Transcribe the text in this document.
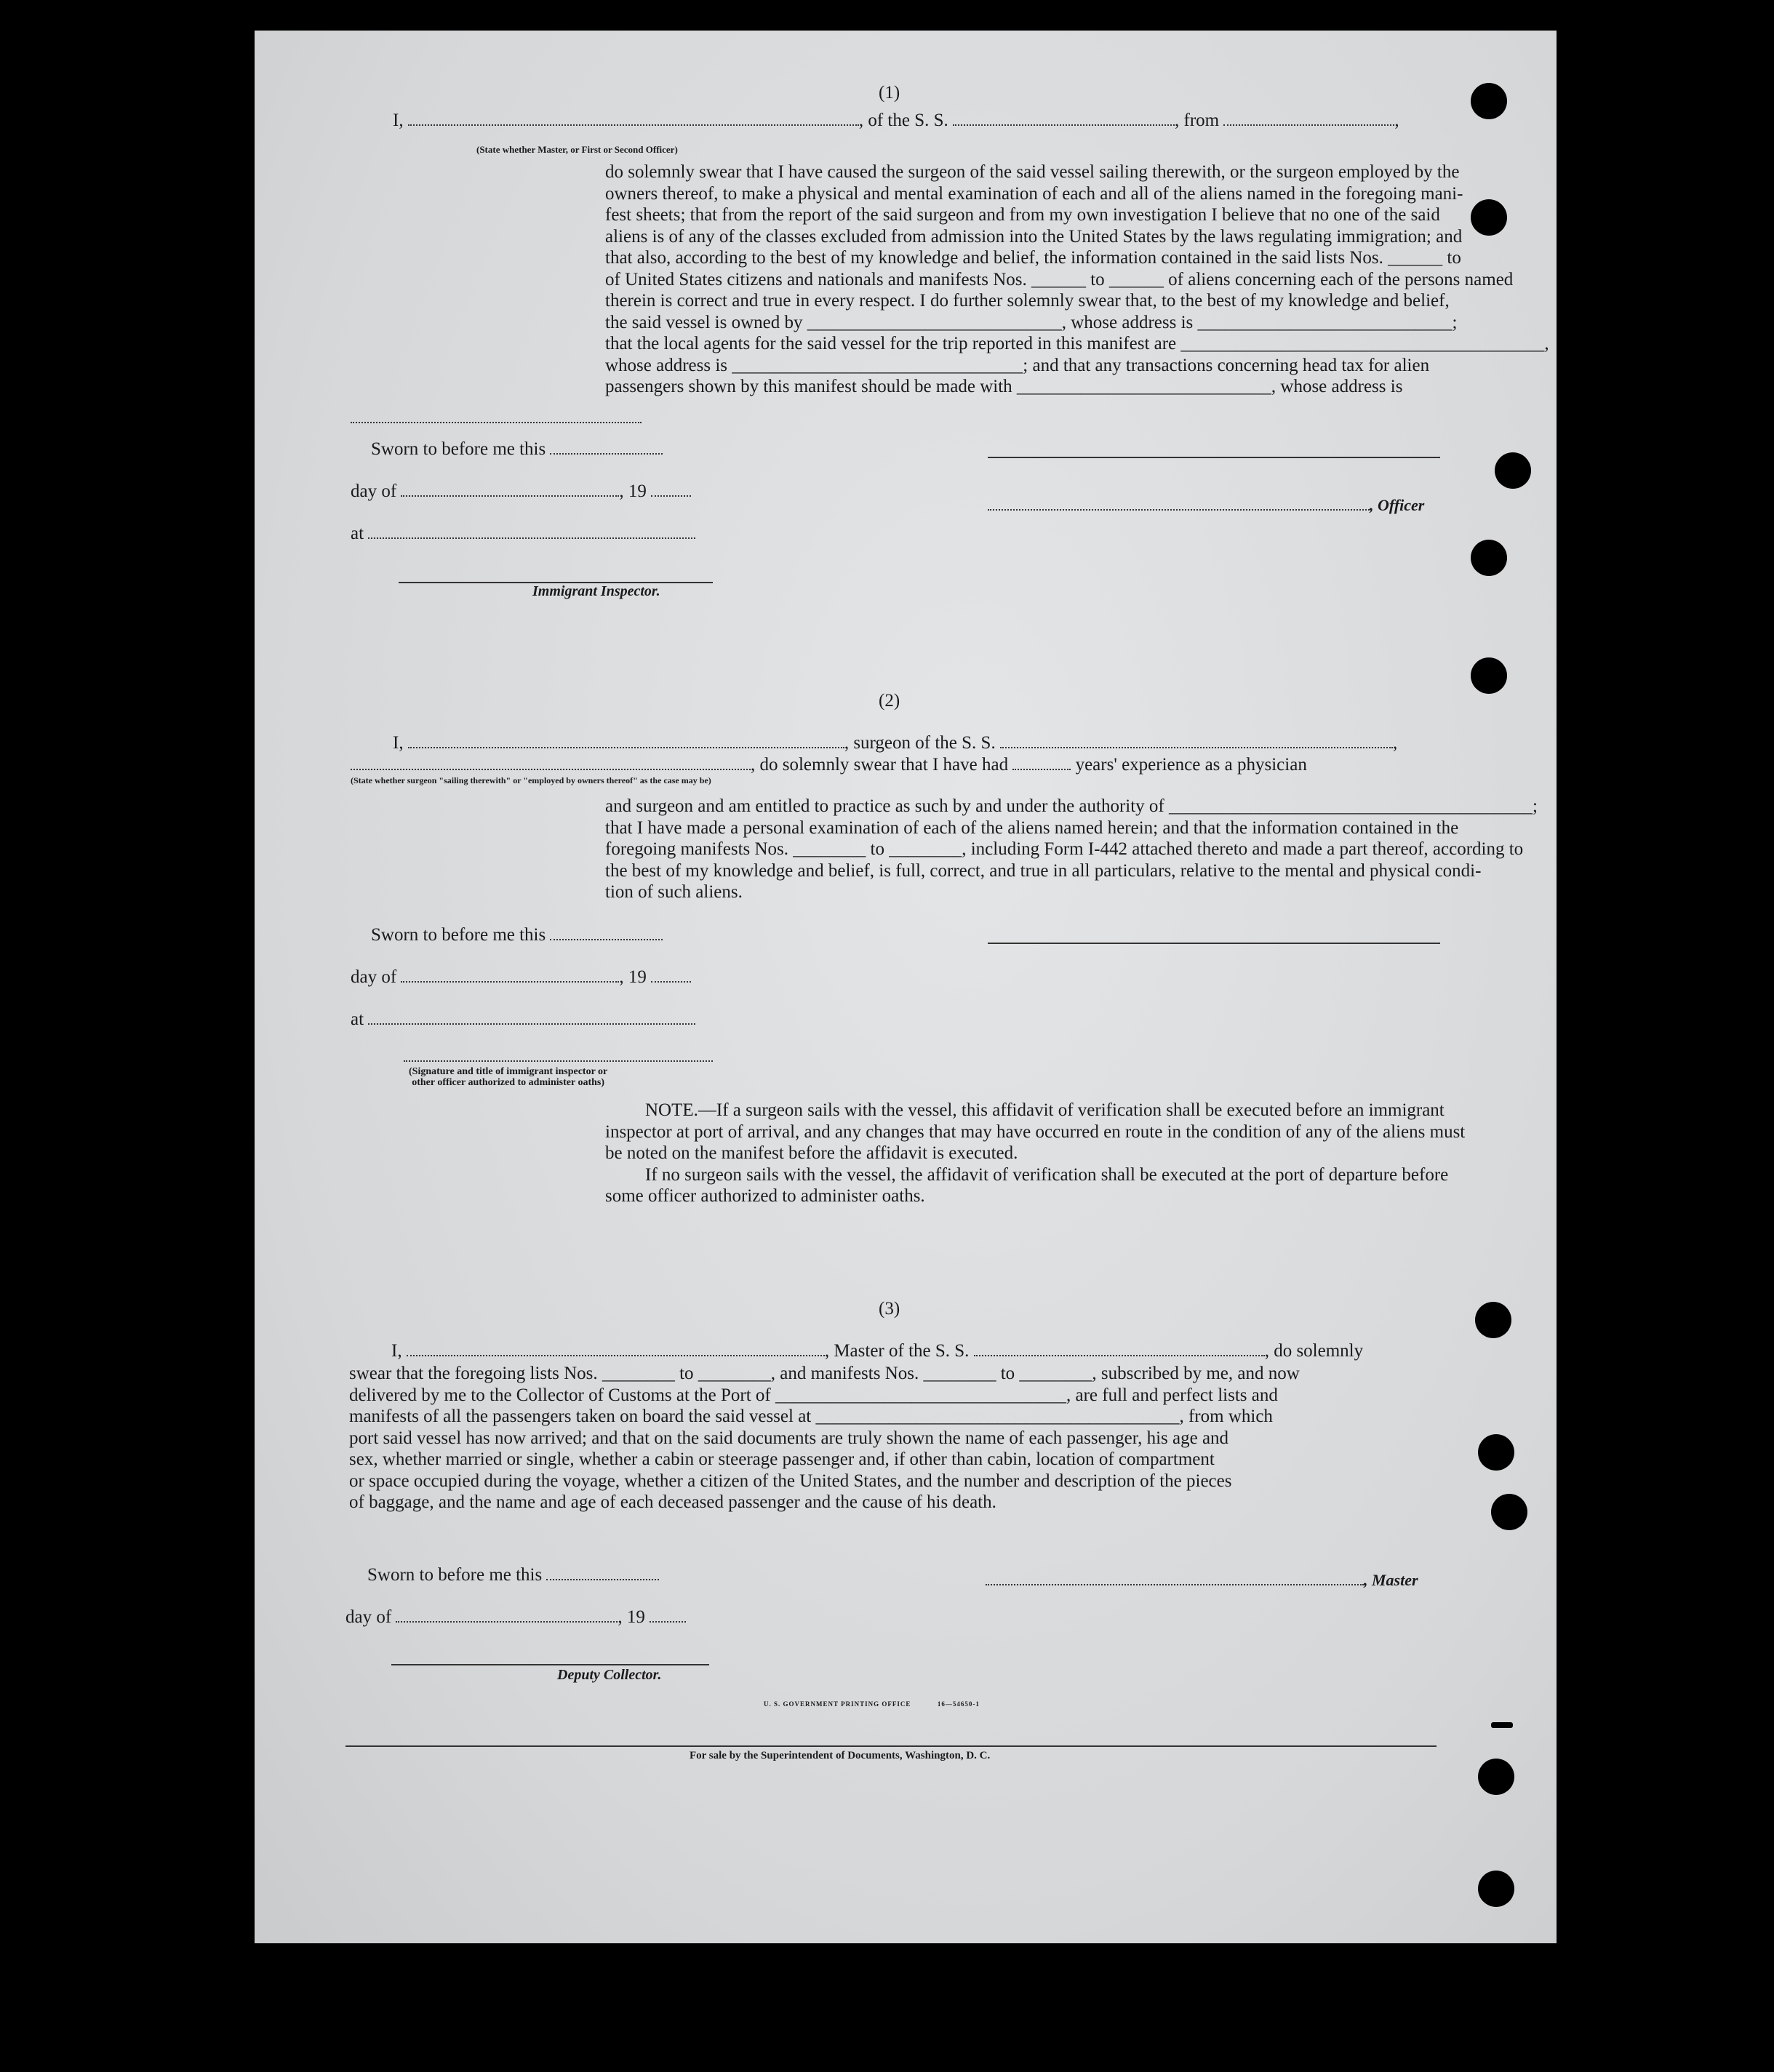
(1)
I,	, of the S. S.	, from	,
(State whether Master, or First or Second Officer)
do solemnly swear that I have caused the surgeon of the said vessel sailing therewith, or the surgeon employed by the
owners thereof, to make a physical and mental examination of each and all of the aliens named in the foregoing mani-
fest sheets; that from the report of the said surgeon and from my own investigation I believe that no one of the said
aliens is of any of the classes excluded from admission into the United States by the laws regulating immigration; and
that also, according to the best of my knowledge and belief, the information contained in the said lists Nos. ______ to
of United States citizens and nationals and manifests Nos. ______ to ______ of aliens concerning each of the persons named
therein is correct and true in every respect. I do further solemnly swear that, to the best of my knowledge and belief,
the said vessel is owned by ____________________________, whose address is ____________________________;
that the local agents for the said vessel for the trip reported in this manifest are ________________________________________,
whose address is ________________________________; and that any transactions concerning head tax for alien
passengers shown by this manifest should be made with ____________________________, whose address is
Sworn to before me this
day of	, 19
, Officer
at
Immigrant Inspector.
(2)
I,	, surgeon of the S. S.	,
, do solemnly swear that I have had	years' experience as a physician
(State whether surgeon "sailing therewith" or "employed by owners thereof" as the case may be)
and surgeon and am entitled to practice as such by and under the authority of ________________________________________;
that I have made a personal examination of each of the aliens named herein; and that the information contained in the
foregoing manifests Nos. ________ to ________, including Form I-442 attached thereto and made a part thereof, according to
the best of my knowledge and belief, is full, correct, and true in all particulars, relative to the mental and physical condi-
tion of such aliens.
Sworn to before me this
day of	, 19
at
(Signature and title of immigrant inspector or
other officer authorized to administer oaths)
NOTE.—If a surgeon sails with the vessel, this affidavit of verification shall be executed before an immigrant
inspector at port of arrival, and any changes that may have occurred en route in the condition of any of the aliens must
be noted on the manifest before the affidavit is executed.
If no surgeon sails with the vessel, the affidavit of verification shall be executed at the port of departure before
some officer authorized to administer oaths.
(3)
I,	, Master of the S. S.	, do solemnly
swear that the foregoing lists Nos. ________ to ________, and manifests Nos. ________ to ________, subscribed by me, and now
delivered by me to the Collector of Customs at the Port of ________________________________, are full and perfect lists and
manifests of all the passengers taken on board the said vessel at ________________________________________, from which
port said vessel has now arrived; and that on the said documents are truly shown the name of each passenger, his age and
sex, whether married or single, whether a cabin or steerage passenger and, if other than cabin, location of compartment
or space occupied during the voyage, whether a citizen of the United States, and the number and description of the pieces
of baggage, and the name and age of each deceased passenger and the cause of his death.
Sworn to before me this	, Master
day of	, 19
Deputy Collector.
U. S. GOVERNMENT PRINTING OFFICE	16—54650-1
For sale by the Superintendent of Documents, Washington, D. C.
